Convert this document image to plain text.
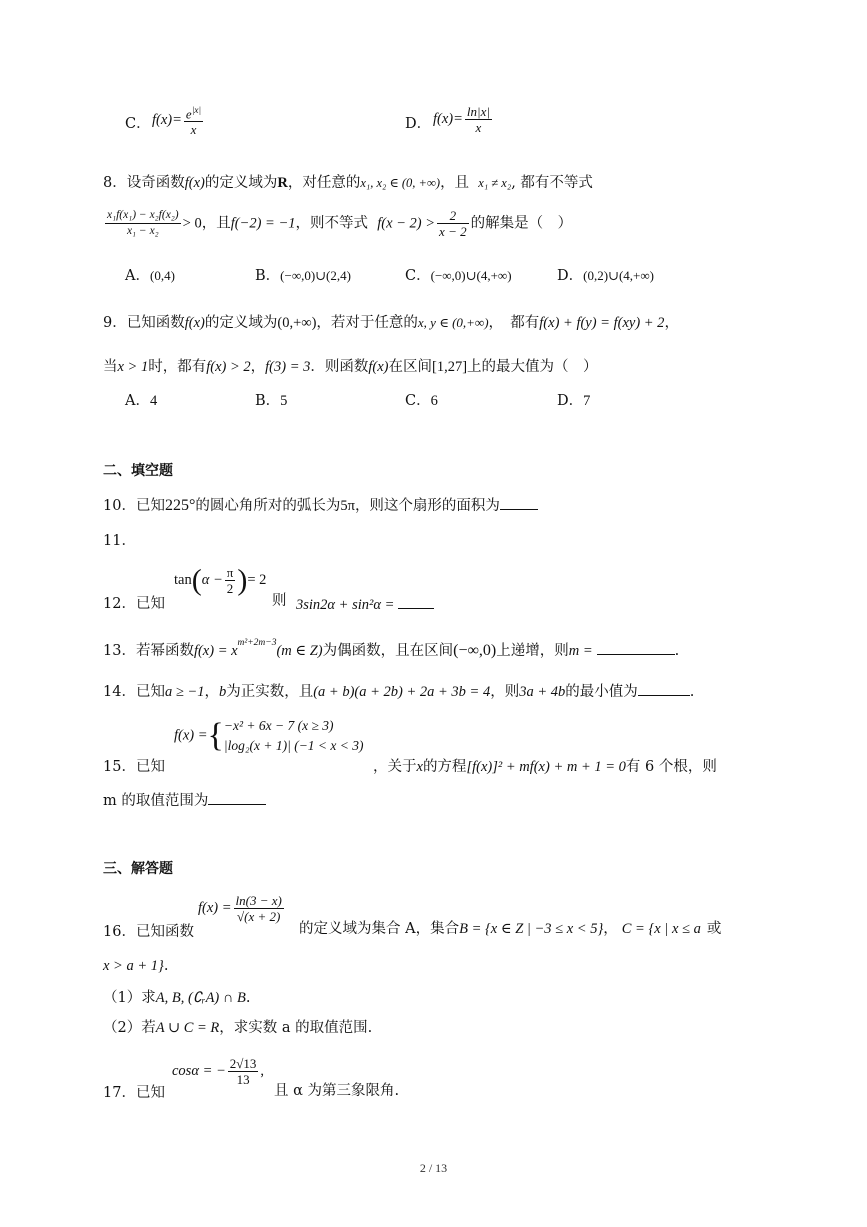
C． $f(x)= \frac{e^{|x|}}{x}$	D． $f(x)= \frac{\ln|x|}{x}$
8．设奇函数f(x)的定义域为R，对任意的x₁, x₂ ∈ (0, +∞)，且 x₁ ≠ x₂, 都有不等式
$\frac{\text{x₁f(x₁) − x₂f(x₂)}}{\text{x₁ − x₂}} > 0$，且f(−2) = −1，则不等式 $f(x - 2) > \frac{2}{x - 2}$ 的解集是（　）
A．(0,4)	B．(−∞,0)∪(2,4)	C．(−∞,0)∪(4,+∞)	D．(0,2)∪(4,+∞)
9．已知函数f(x)的定义域为(0,+∞)，若对于任意的x, y ∈ (0,+∞)，　都有f(x) + f(y) = f(xy) + 2，
当x > 1时，都有f(x) > 2，f(3) = 3．则函数f(x)在区间[1,27]上的最大值为（　）
A．4	B．5	C．6	D．7
二、填空题
10．已知225°的圆心角所对的弧长为5π，则这个扇形的面积为
11．
12．已知
$\tan(\alpha - \frac{\pi}{2}$ )= 2
则 3sin2α + sin²α =
13．若幂函数$f(x) = x^{m^2+2m-3}(m$ ∈ Z)为偶函数，且在区间(−∞,0)上递增，则m =	.
14．已知a ≥ −1，b为正实数，且(a + b)(a + 2b) + 2a + 3b = 4，则3a + 4b的最小值为	.
15．已知
f(x) ={ −x² + 6x − 7 (x ≥ 3)
|log₂(x + 1)| (−1 < x < 3)
，关于x的方程[f(x)]² + mf(x) + m + 1 = 0有 6 个根，则
m 的取值范围为
三、解答题
16．已知函数
$f(x) = \frac{\ln(3 - x)}{√(x + 2)}$
的定义域为集合 A，集合B = {x ∈ Z | −3 ≤ x < 5}， C = {x | x ≤ a 或
x > a + 1}.
（1）求A, B, (∁ᵣA) ∩ B.
（2）若A ∪ C = R，求实数 a 的取值范围.
17．已知
cosα = − $\frac{2√13}{13}$ ,
且 α 为第三象限角.
2 / 13
